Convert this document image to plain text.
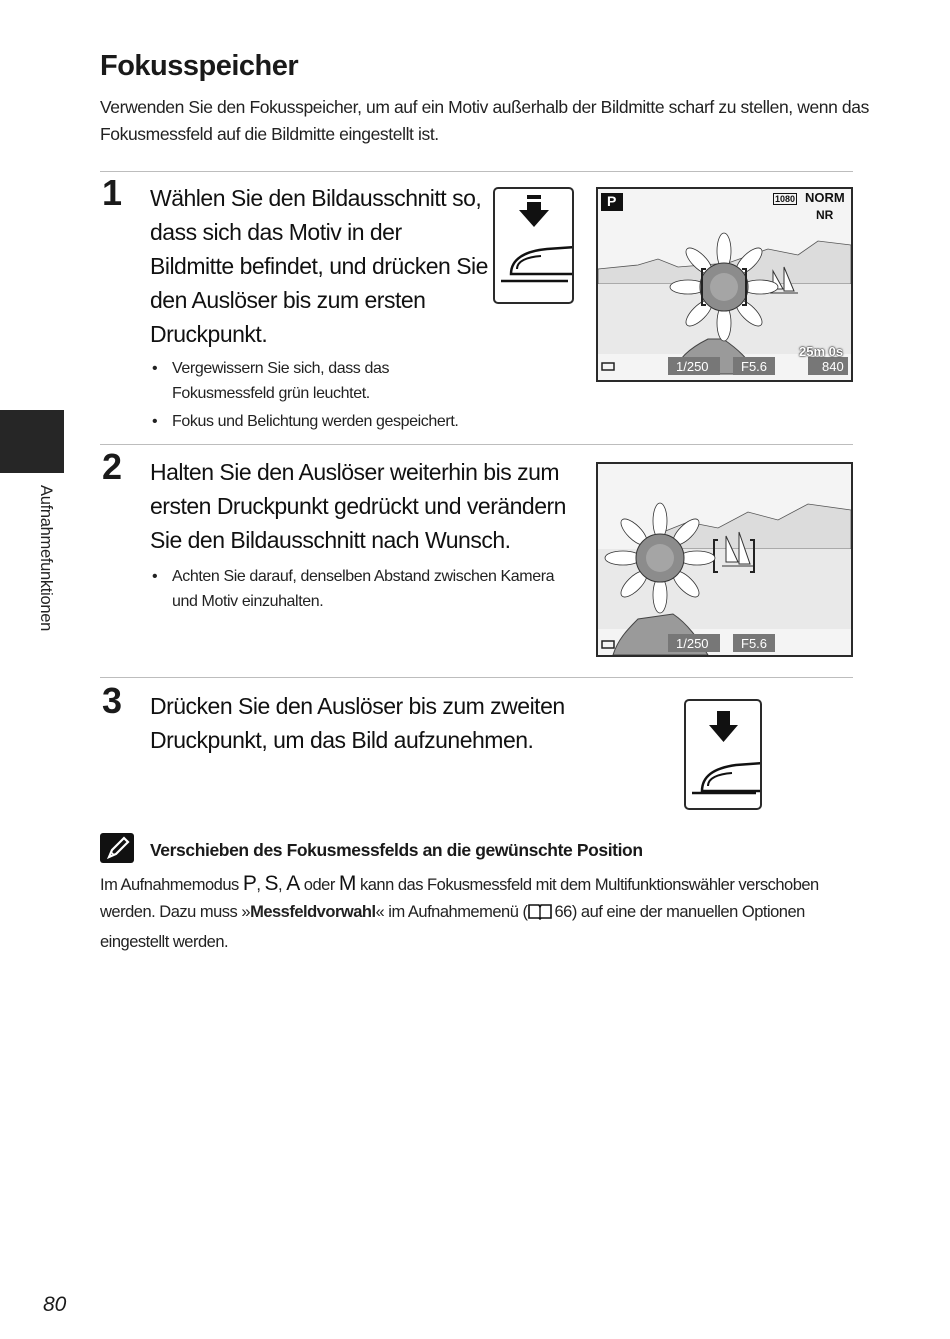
Fokusspeicher
Verwenden Sie den Fokusspeicher, um auf ein Motiv außerhalb der Bildmitte scharf zu stellen, wenn das Fokusmessfeld auf die Bildmitte eingestellt ist.
Aufnahmefunktionen
1 Wählen Sie den Bildausschnitt so, dass sich das Motiv in der Bildmitte befindet, und drücken Sie den Auslöser bis zum ersten Druckpunkt.
• Vergewissern Sie sich, dass das Fokusmessfeld grün leuchtet.
• Fokus und Belichtung werden gespeichert.
P	1080 NORM
NR
25m 0s
1/250 F5.6	840
2 Halten Sie den Auslöser weiterhin bis zum ersten Druckpunkt gedrückt und verändern Sie den Bildausschnitt nach Wunsch.
• Achten Sie darauf, denselben Abstand zwischen Kamera und Motiv einzuhalten.
1/250 F5.6
3 Drücken Sie den Auslöser bis zum zweiten Druckpunkt, um das Bild aufzunehmen.
Verschieben des Fokusmessfelds an die gewünschte Position
Im Aufnahmemodus P, S, A oder M kann das Fokusmessfeld mit dem Multifunktionswähler verschoben werden. Dazu muss »Messfeldvorwahl« im Aufnahmemenü ( 66) auf eine der manuellen Optionen eingestellt werden.
80
